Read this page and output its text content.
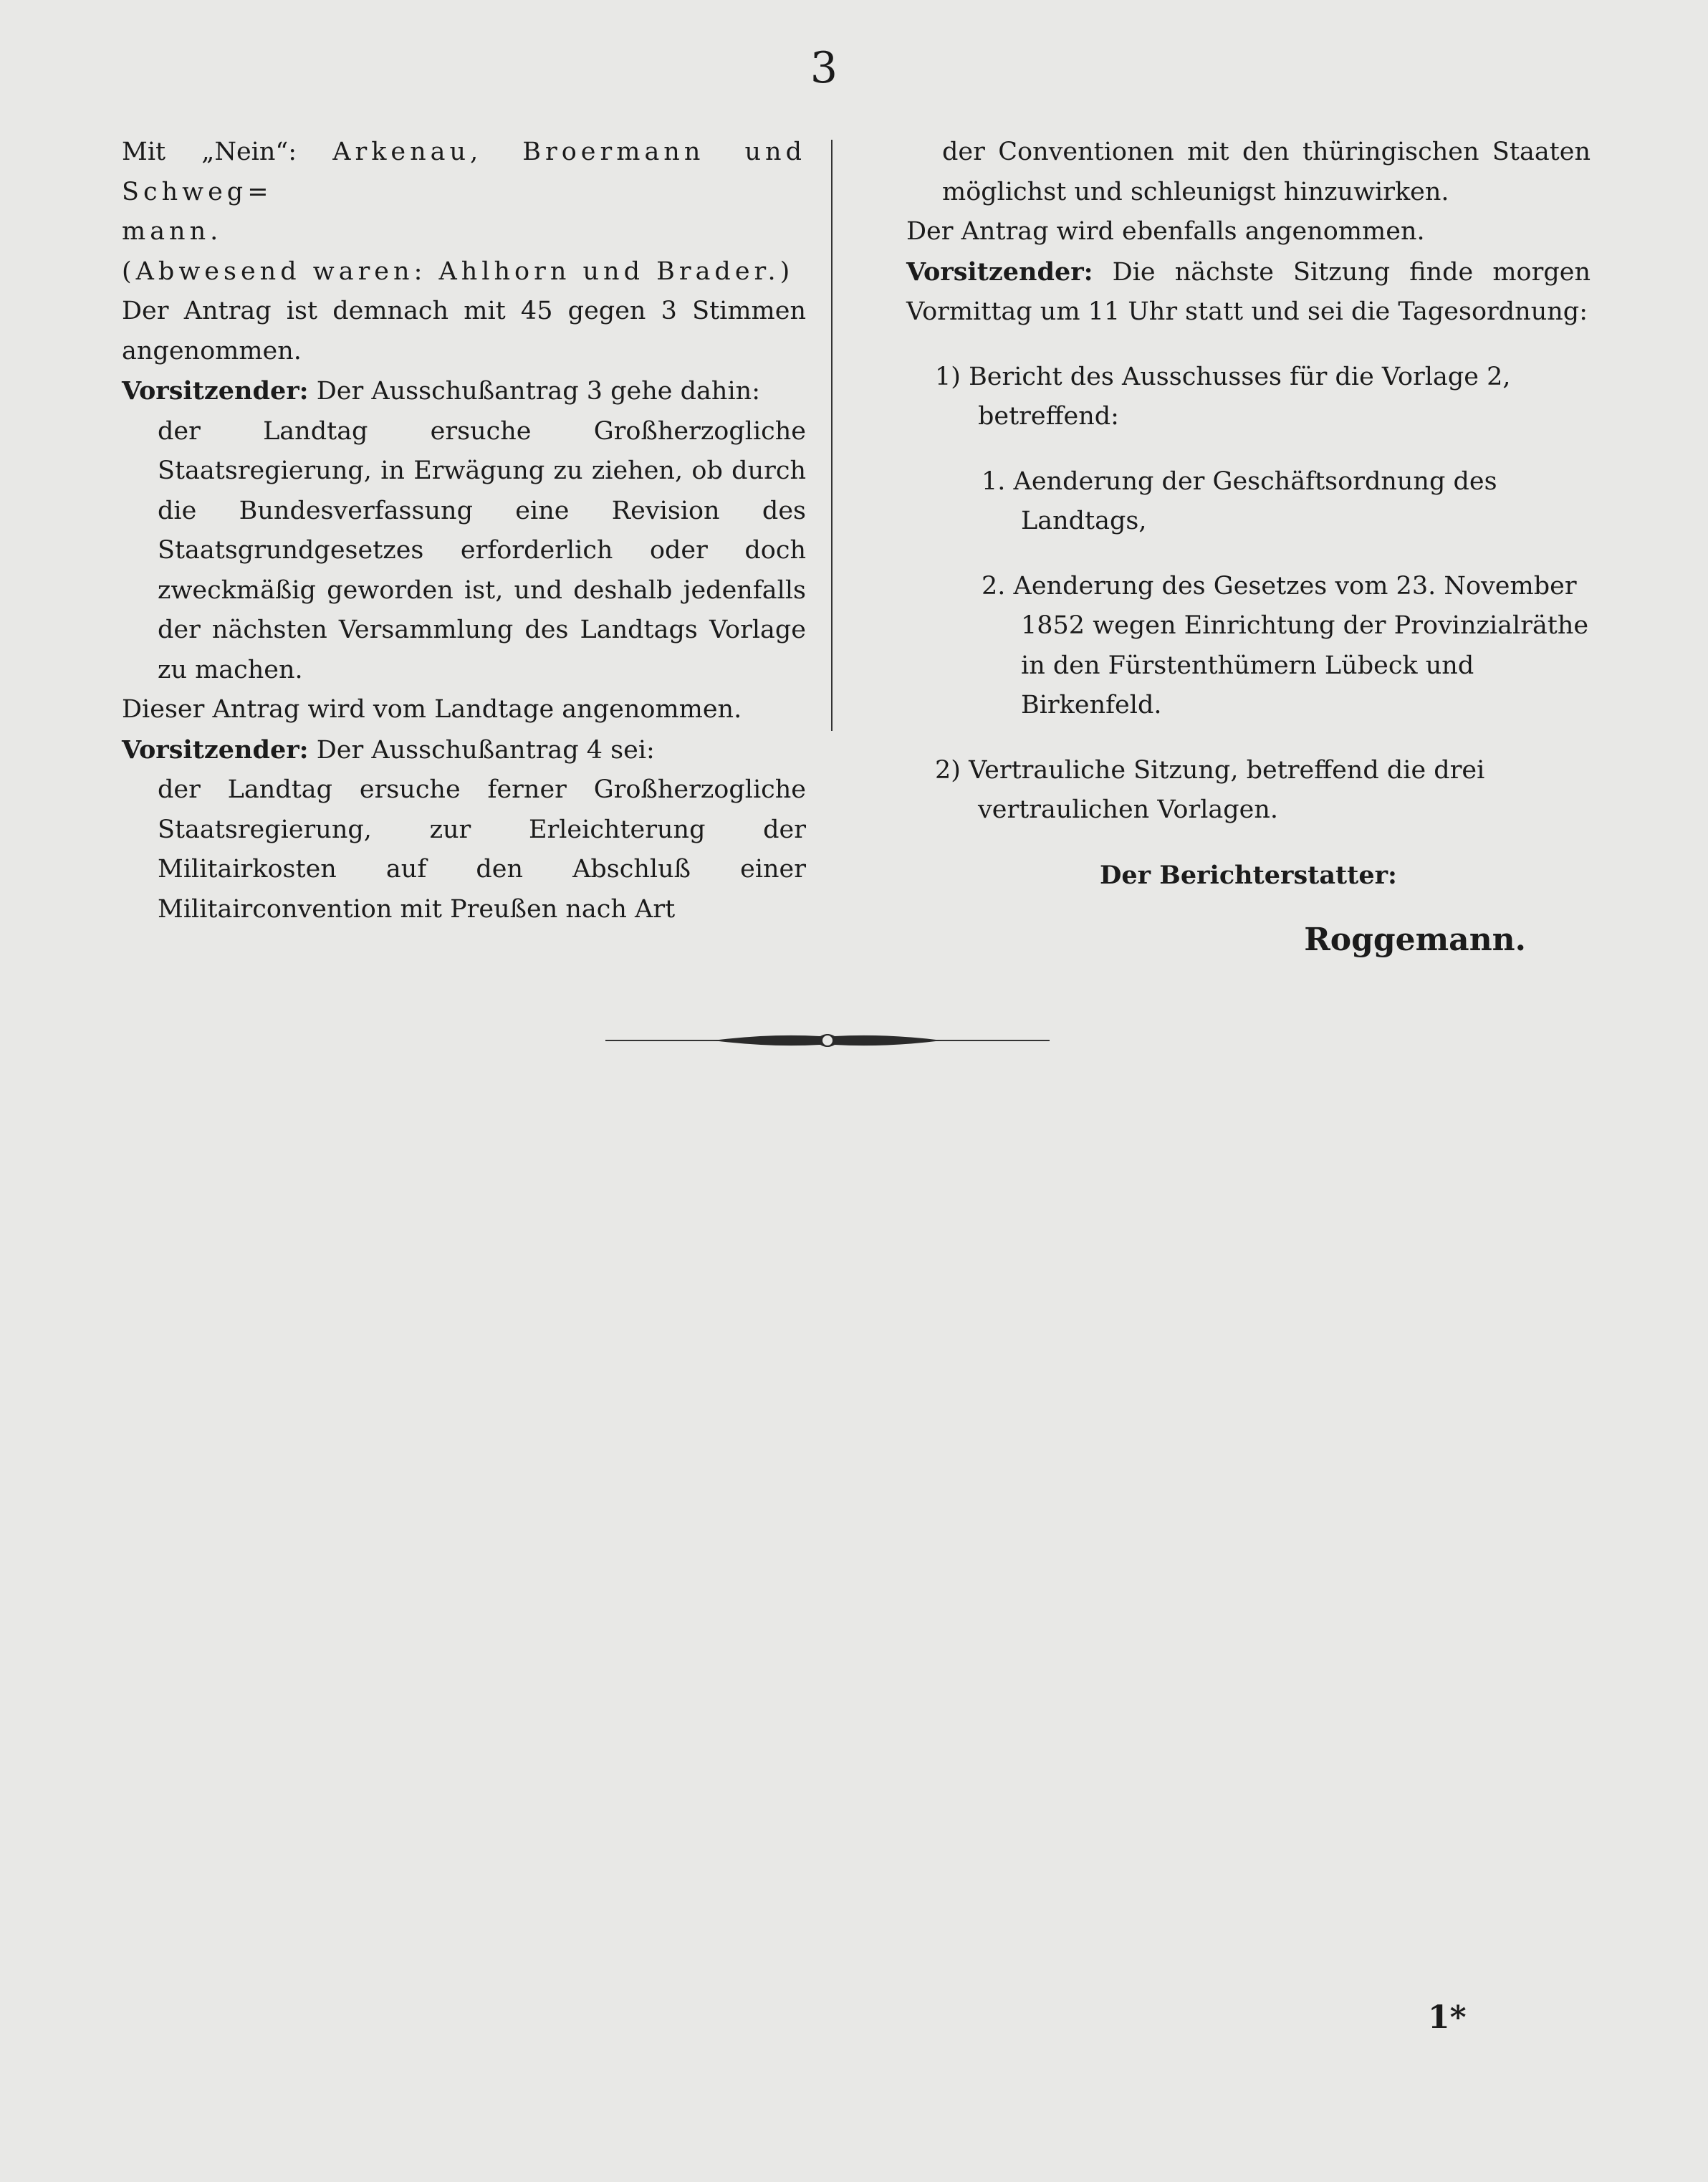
3

Mit „Nein“: Arkenau, Broermann und Schweg=
mann.

(Abwesend waren: Ahlhorn und Brader.)

Der Antrag ist demnach mit 45 gegen 3 Stimmen angenommen.

Vorsitzender: Der Ausschußantrag 3 gehe dahin:

der Landtag ersuche Großherzogliche Staatsregierung, in Erwägung zu ziehen, ob durch die Bundesverfassung eine Revision des Staatsgrundgesetzes erforderlich oder doch zweckmäßig geworden ist, und deshalb jedenfalls der nächsten Versammlung des Landtags Vorlage zu machen.

Dieser Antrag wird vom Landtage angenommen.

Vorsitzender: Der Ausschußantrag 4 sei:

der Landtag ersuche ferner Großherzogliche Staatsregierung, zur Erleichterung der Militairkosten auf den Abschluß einer Militairconvention mit Preußen nach Art

der Conventionen mit den thüringischen Staaten möglichst und schleunigst hinzuwirken.

Der Antrag wird ebenfalls angenommen.

Vorsitzender: Die nächste Sitzung finde morgen Vormittag um 11 Uhr statt und sei die Tagesordnung:

1) Bericht des Ausschusses für die Vorlage 2, betreffend:

1. Aenderung der Geschäftsordnung des Landtags,

2. Aenderung des Gesetzes vom 23. November 1852 wegen Einrichtung der Provinzialräthe in den Fürstenthümern Lübeck und Birkenfeld.

2) Vertrauliche Sitzung, betreffend die drei vertraulichen Vorlagen.

Der Berichterstatter:

Roggemann.

1*
